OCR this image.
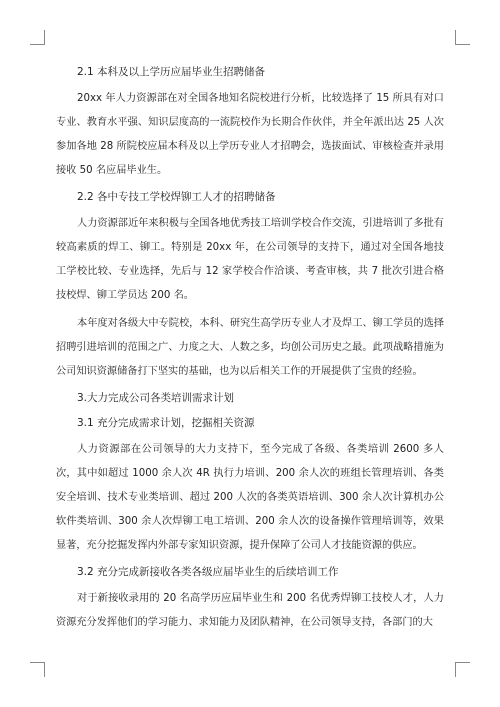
2.1 本科及以上学历应届毕业生招聘储备
20xx 年人力资源部在对全国各地知名院校进行分析，比较选择了 15 所具有对口专业、教育水平强、知识层度高的一流院校作为长期合作伙伴，并全年派出达 25 人次参加各地 28 所院校应届本科及以上学历专业人才招聘会，选拔面试、审核检查并录用接收 50 名应届毕业生。
2.2 各中专技工学校焊铆工人才的招聘储备
人力资源部近年来积极与全国各地优秀技工培训学校合作交流，引进培训了多批有较高素质的焊工、铆工。特别是 20xx 年，在公司领导的支持下，通过对全国各地技工学校比较、专业选择，先后与 12 家学校合作洽谈、考查审核，共 7 批次引进合格技校焊、铆工学员达 200 名。
本年度对各级大中专院校，本科、研究生高学历专业人才及焊工、铆工学员的选择招聘引进培训的范围之广、力度之大、人数之多，均创公司历史之最。此项战略措施为公司知识资源储备打下坚实的基础，也为以后相关工作的开展提供了宝贵的经验。
3.大力完成公司各类培训需求计划
3.1 充分完成需求计划，挖掘相关资源
人力资源部在公司领导的大力支持下，至今完成了各级、各类培训 2600 多人次，其中如超过 1000 余人次 4R 执行力培训、200 余人次的班组长管理培训、各类安全培训、技术专业类培训、超过 200 人次的各类英语培训、300 余人次计算机办公软件类培训、300 余人次焊铆工电工培训、200 余人次的设备操作管理培训等，效果显著，充分挖掘发挥内外部专家知识资源，提升保障了公司人才技能资源的供应。
3.2 充分完成新接收各类各级应届毕业生的后续培训工作
对于新接收录用的 20 名高学历应届毕业生和 200 名优秀焊铆工技校人才，人力资源充分发挥他们的学习能力、求知能力及团队精神，在公司领导支持，各部门的大
